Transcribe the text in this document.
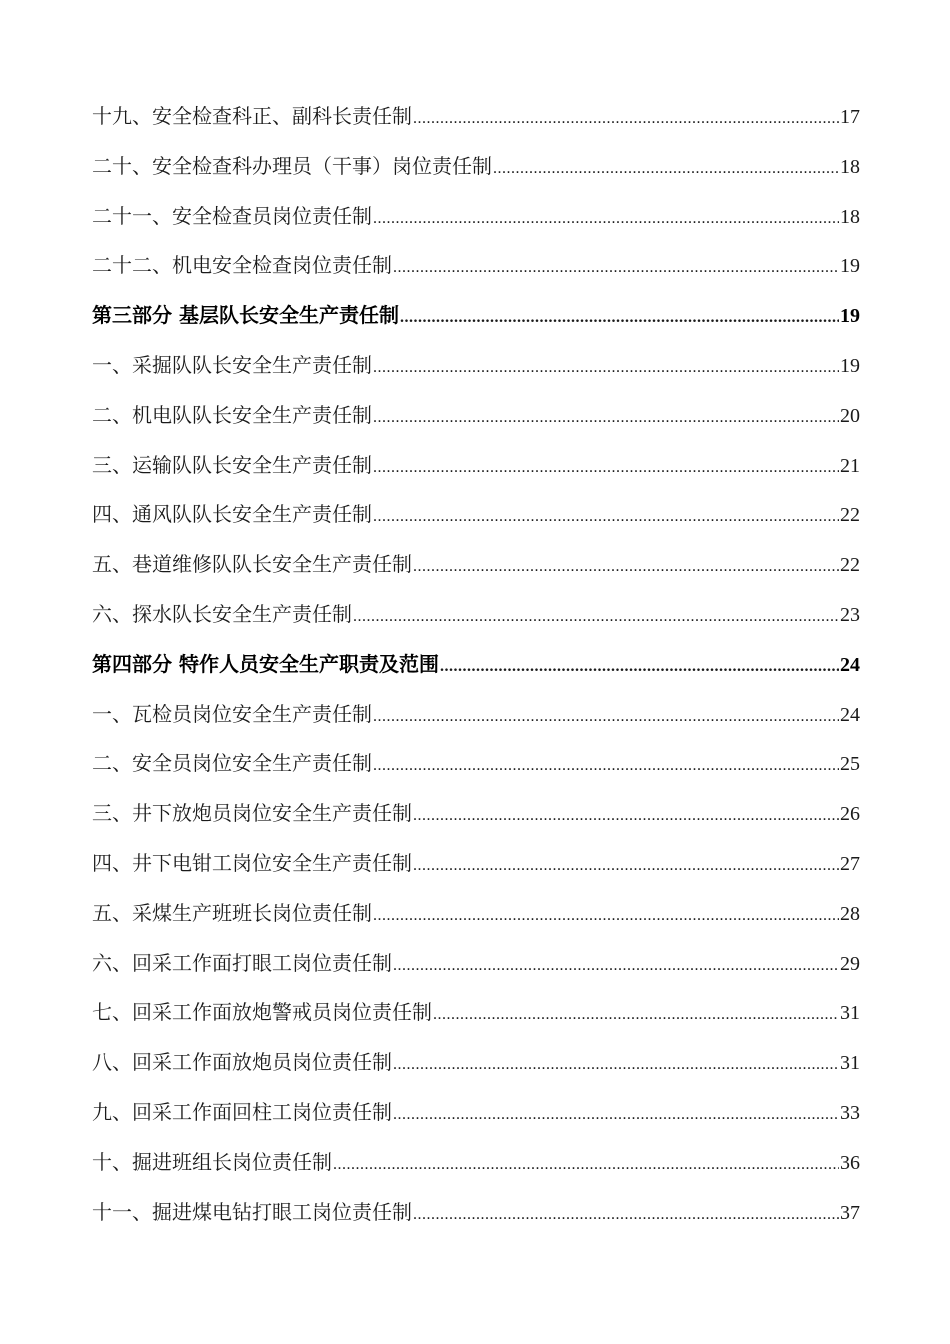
十九、安全检查科正、副科长责任制 .....	17
二十、安全检查科办理员（干事）岗位责任制 .....	18
二十一、安全检查员岗位责任制 .....	18
二十二、机电安全检查岗位责任制 .....	19
第三部分 基层队长安全生产责任制 .....	19
一、采掘队队长安全生产责任制 .....	19
二、机电队队长安全生产责任制 .....	20
三、运输队队长安全生产责任制 .....	21
四、通风队队长安全生产责任制 .....	22
五、巷道维修队队长安全生产责任制 .....	22
六、探水队长安全生产责任制 .....	23
第四部分 特作人员安全生产职责及范围 .....	24
一、瓦检员岗位安全生产责任制 .....	24
二、安全员岗位安全生产责任制 .....	25
三、井下放炮员岗位安全生产责任制 .....	26
四、井下电钳工岗位安全生产责任制 .....	27
五、采煤生产班班长岗位责任制 .....	28
六、回采工作面打眼工岗位责任制 .....	29
七、回采工作面放炮警戒员岗位责任制 .....	31
八、回采工作面放炮员岗位责任制 .....	31
九、回采工作面回柱工岗位责任制 .....	33
十、掘进班组长岗位责任制 .....	36
十一、掘进煤电钻打眼工岗位责任制 .....	37
